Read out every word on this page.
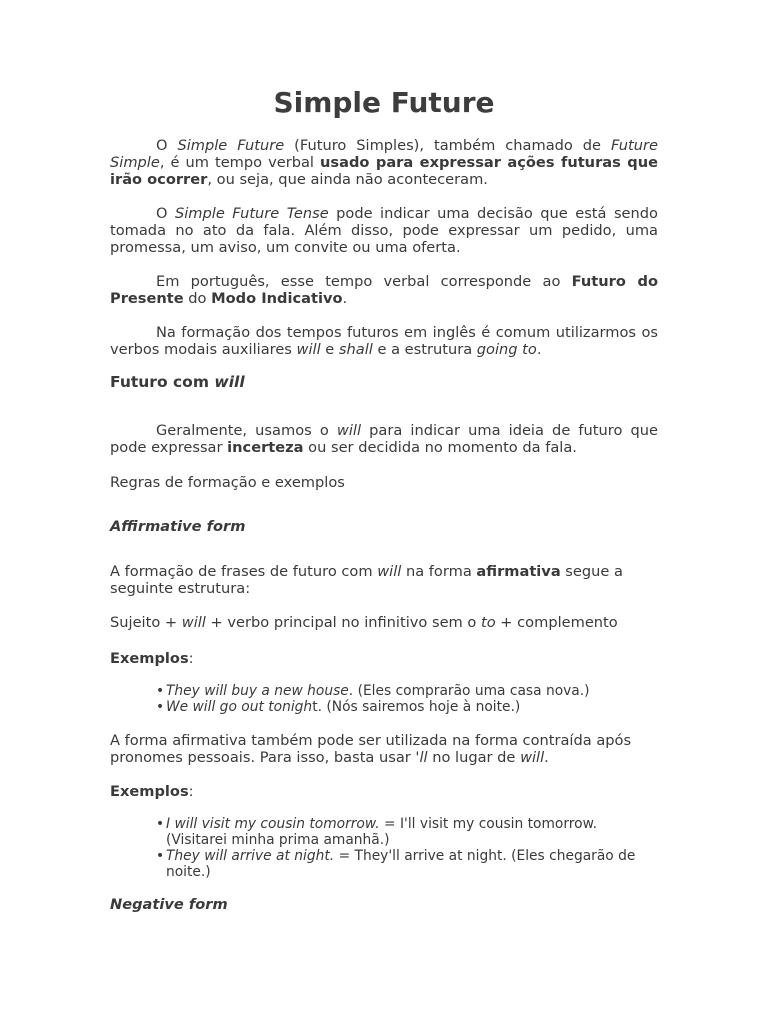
Simple Future

O Simple Future (Futuro Simples), também chamado de Future Simple, é um tempo verbal usado para expressar ações futuras que irão ocorrer, ou seja, que ainda não aconteceram.

O Simple Future Tense pode indicar uma decisão que está sendo tomada no ato da fala. Além disso, pode expressar um pedido, uma promessa, um aviso, um convite ou uma oferta.

Em português, esse tempo verbal corresponde ao Futuro do Presente do Modo Indicativo.

Na formação dos tempos futuros em inglês é comum utilizarmos os verbos modais auxiliares will e shall e a estrutura going to.

Futuro com will

Geralmente, usamos o will para indicar uma ideia de futuro que pode expressar incerteza ou ser decidida no momento da fala.

Regras de formação e exemplos

Affirmative form

A formação de frases de futuro com will na forma afirmativa segue a seguinte estrutura:

Sujeito + will + verbo principal no infinitivo sem o to + complemento

Exemplos:

• They will buy a new house. (Eles comprarão uma casa nova.)
• We will go out tonight. (Nós sairemos hoje à noite.)

A forma afirmativa também pode ser utilizada na forma contraída após pronomes pessoais. Para isso, basta usar 'll no lugar de will.

Exemplos:

• I will visit my cousin tomorrow. = I'll visit my cousin tomorrow. (Visitarei minha prima amanhã.)
• They will arrive at night. = They'll arrive at night. (Eles chegarão de noite.)

Negative form
